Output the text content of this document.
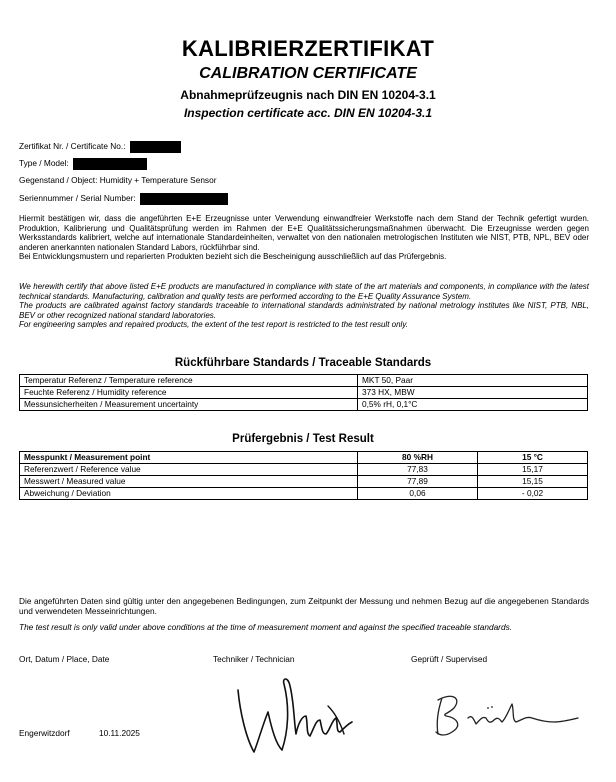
KALIBRIERZERTIFIKAT
CALIBRATION CERTIFICATE
Abnahmeprüfzeugnis nach DIN EN 10204-3.1
Inspection certificate acc. DIN EN 10204-3.1
Zertifikat Nr. / Certificate No.:
Type / Model:
Gegenstand / Object: Humidity + Temperature Sensor
Seriennummer / Serial Number:
Hiermit bestätigen wir, dass die angeführten E+E Erzeugnisse unter Verwendung einwandfreier Werkstoffe nach dem Stand der Technik gefertigt wurden. Produktion, Kalibrierung und Qualitätsprüfung werden im Rahmen der E+E Qualitätssicherungsmaßnahmen überwacht. Die Erzeugnisse werden gegen Werksstandards kalibriert, welche auf internationale Standardeinheiten, verwaltet von den nationalen metrologischen Instituten wie NIST, PTB, NPL, BEV oder anderen anerkannten nationalen Standard Labors, rückführbar sind.
Bei Entwicklungsmustern und reparierten Produkten bezieht sich die Bescheinigung ausschließlich auf das Prüfergebnis.
We herewith certify that above listed E+E products are manufactured in compliance with state of the art materials and components, in compliance with the latest technical standards. Manufacturing, calibration and quality tests are performed according to the E+E Quality Assurance System.
The products are calibrated against factory standards traceable to international standards administrated by national metrology institutes like NIST, PTB, NBL, BEV or other recognized national standard laboratories.
For engineering samples and repaired products, the extent of the test report is restricted to the test result only.
Rückführbare Standards / Traceable Standards
Temperatur Referenz / Temperature reference	MKT 50, Paar
Feuchte Referenz / Humidity reference	373 HX, MBW
Messunsicherheiten / Measurement uncertainty	0,5% rH, 0,1°C
Prüfergebnis / Test Result
Messpunkt / Measurement point	80 %RH	15 °C
Referenzwert / Reference value	77,83	15,17
Messwert / Measured value	77,89	15,15
Abweichung / Deviation	0,06	- 0,02
Die angeführten Daten sind gültig unter den angegebenen Bedingungen, zum Zeitpunkt der Messung und nehmen Bezug auf die angegebenen Standards und verwendeten Messeinrichtungen.
The test result is only valid under above conditions at the time of measurement moment and against the specified traceable standards.
Ort, Datum / Place, Date	Techniker / Technician	Geprüft / Supervised
Engerwitzdorf	10.11.2025
